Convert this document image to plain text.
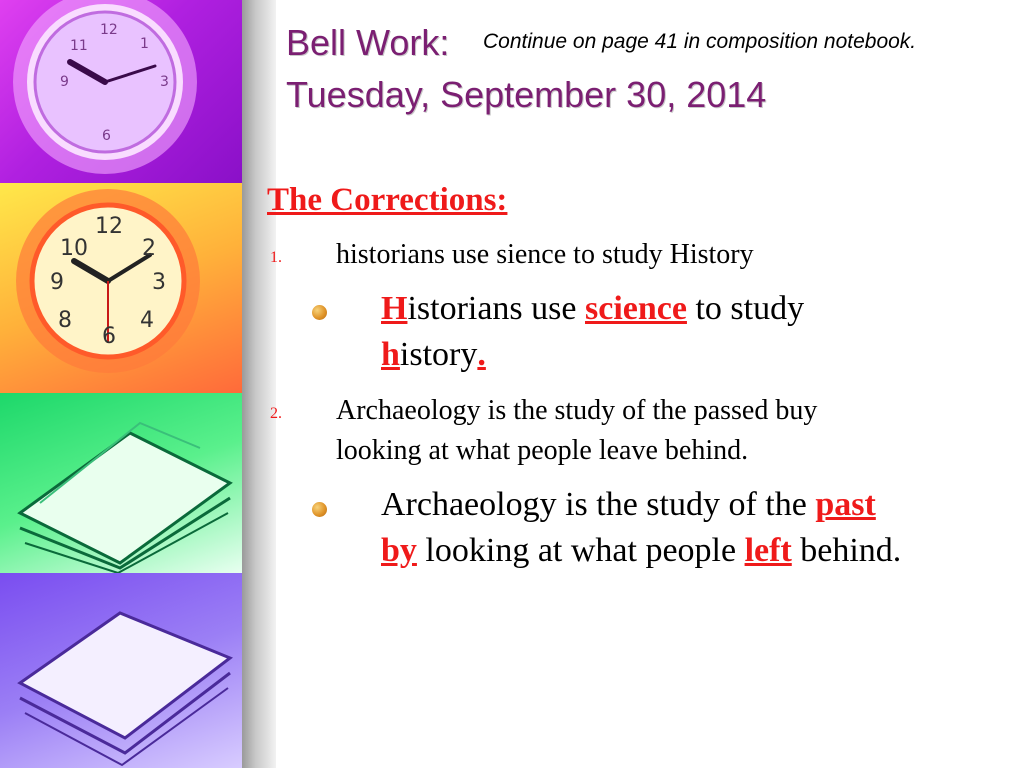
12
1
3
9
6
11
12
2
3
9
6
10
4
8
Bell Work: Continue on page 41 in composition notebook.
Tuesday, September 30, 2014
The Corrections:
1. historians use sience to study History
Historians use science to study
history.
2. Archaeology is the study of the passed buy
looking at what people leave behind.
Archaeology is the study of the past
by looking at what people left behind.
